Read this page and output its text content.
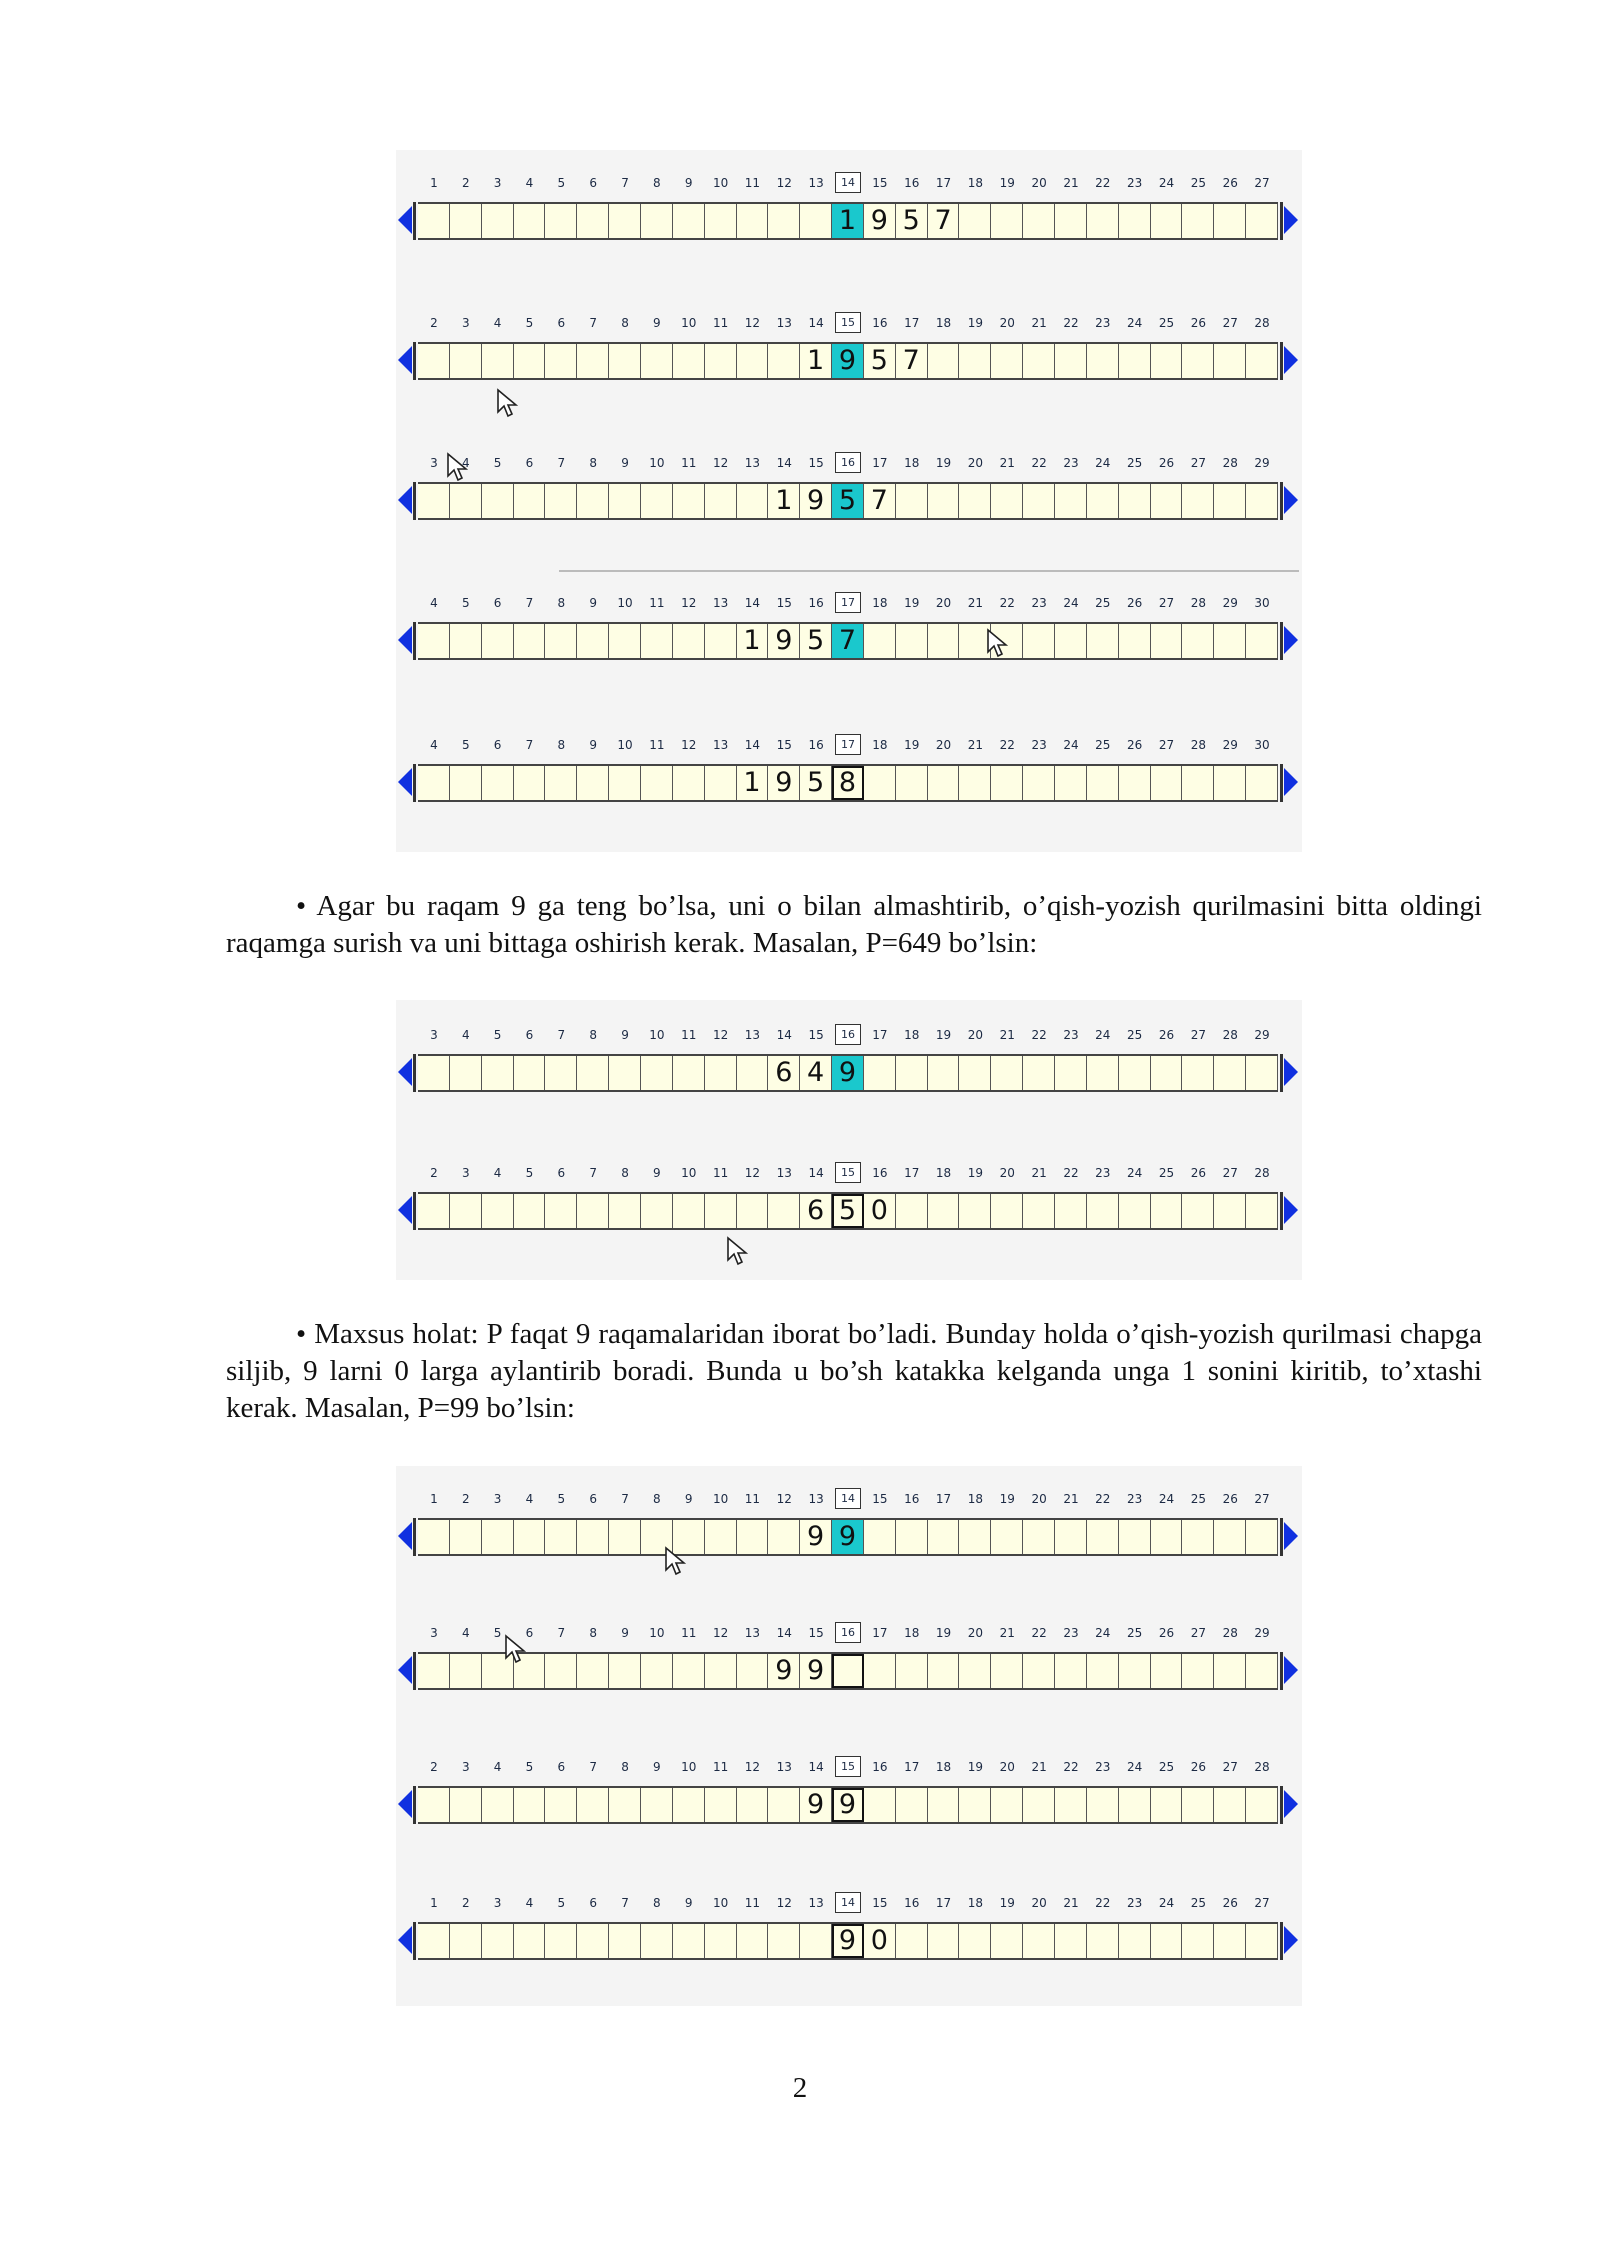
1	2	3	4	5	6	7	8	9	10 11 12 13	14	15 16 17 18 19 20 21 22 23 24 25 26 27
1 9 5 7
2	3	4	5	6	7	8	9	10 11 12 13 14	15	16 17 18 19 20 21 22 23 24 25 26 27 28
1 9 5 7
3	4	5	6	7	8	9	10 11 12 13 14 15	16	17 18 19 20 21 22 23 24 25 26 27 28 29
1 9 5 7
4	5	6	7	8	9	10 11 12 13 14 15 16	17	18 19 20 21 22 23 24 25 26 27 28 29 30
1 9 5 7
4	5	6	7	8	9	10 11 12 13 14 15 16	17	18 19 20 21 22 23 24 25 26 27 28 29 30
1 9 5 8
• Agar bu raqam 9 ga teng bo’lsa, uni o bilan almashtirib, o’qish-yozish qurilmasini bitta oldingi raqamga surish va uni bittaga oshirish kerak. Masalan, P=649 bo’lsin:
3	4	5	6	7	8	9	10 11 12 13 14 15	16	17 18 19 20 21 22 23 24 25 26 27 28 29
6 4 9
2	3	4	5	6	7	8	9	10 11 12 13 14	15	16 17 18 19 20 21 22 23 24 25 26 27 28
6 5 0
• Maxsus holat: P faqat 9 raqamalaridan iborat bo’ladi. Bunday holda o’qish-yozish qurilmasi chapga siljib, 9 larni 0 larga aylantirib boradi. Bunda u bo’sh katakka kelganda unga 1 sonini kiritib, to’xtashi kerak. Masalan, P=99 bo’lsin:
1	2	3	4	5	6	7	8	9	10 11 12 13	14	15 16 17 18 19 20 21 22 23 24 25 26 27
9 9
3	4	5	6	7	8	9	10 11 12 13 14 15	16	17 18 19 20 21 22 23 24 25 26 27 28 29
9 9
2	3	4	5	6	7	8	9	10 11 12 13 14	15	16 17 18 19 20 21 22 23 24 25 26 27 28
9 9
1	2	3	4	5	6	7	8	9	10 11 12 13	14	15 16 17 18 19 20 21 22 23 24 25 26 27
9 0
2
